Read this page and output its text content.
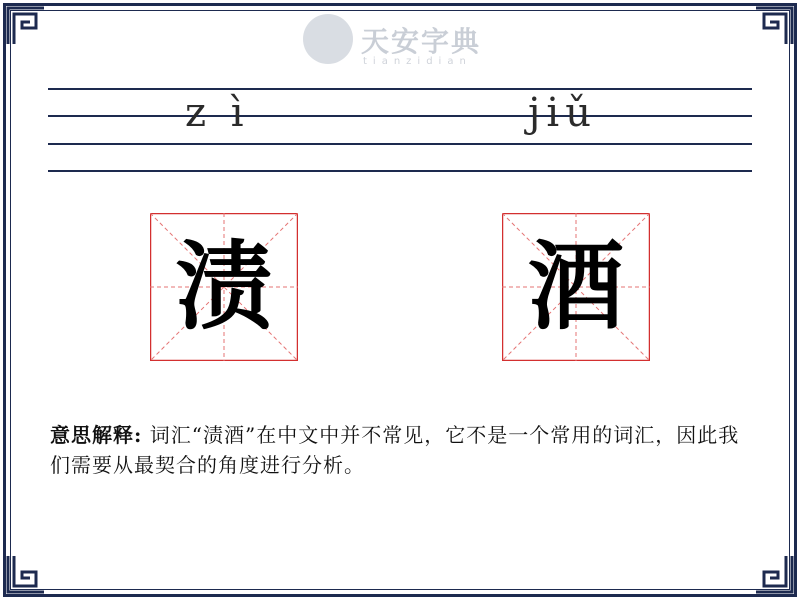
天安字典
tianzidian
z ì	jiǔ
渍	酒
意思解释: 词汇“渍酒”在中文中并不常见，它不是一个常用的词汇，因此我们需要从最契合的角度进行分析。
